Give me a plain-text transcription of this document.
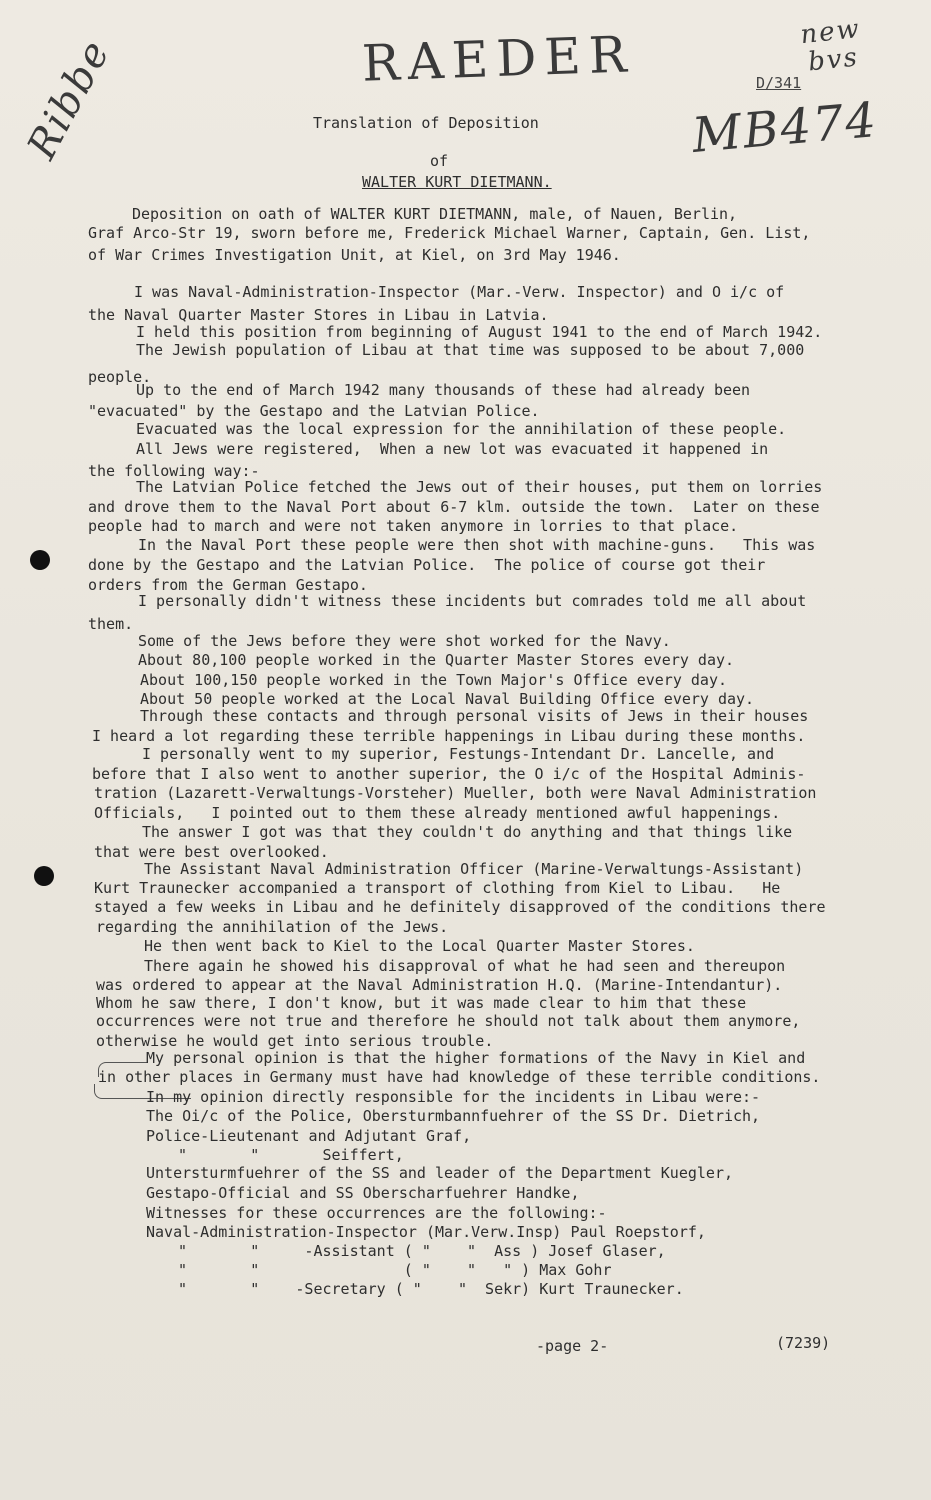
RAEDER	new bvs
MB474
Ribbe	D/341
Translation of Deposition
of
WALTER KURT DIETMANN.
Deposition on oath of WALTER KURT DIETMANN, male, of Nauen, Berlin,
Graf Arco-Str 19, sworn before me, Frederick Michael Warner, Captain, Gen. List,
of War Crimes Investigation Unit, at Kiel, on 3rd May 1946.
I was Naval-Administration-Inspector (Mar.-Verw. Inspector) and O i/c of
the Naval Quarter Master Stores in Libau in Latvia.
I held this position from beginning of August 1941 to the end of March 1942.
The Jewish population of Libau at that time was supposed to be about 7,000
people.
Up to the end of March 1942 many thousands of these had already been
"evacuated" by the Gestapo and the Latvian Police.
Evacuated was the local expression for the annihilation of these people.
All Jews were registered,  When a new lot was evacuated it happened in
the following way:-
The Latvian Police fetched the Jews out of their houses, put them on lorries
and drove them to the Naval Port about 6-7 klm. outside the town.  Later on these
people had to march and were not taken anymore in lorries to that place.
In the Naval Port these people were then shot with machine-guns.   This was
done by the Gestapo and the Latvian Police.  The police of course got their
orders from the German Gestapo.
I personally didn't witness these incidents but comrades told me all about
them.
Some of the Jews before they were shot worked for the Navy.
About 80,100 people worked in the Quarter Master Stores every day.
About 100,150 people worked in the Town Major's Office every day.
About 50 people worked at the Local Naval Building Office every day.
Through these contacts and through personal visits of Jews in their houses
I heard a lot regarding these terrible happenings in Libau during these months.
I personally went to my superior, Festungs-Intendant Dr. Lancelle, and
before that I also went to another superior, the O i/c of the Hospital Adminis-
tration (Lazarett-Verwaltungs-Vorsteher) Mueller, both were Naval Administration
Officials,   I pointed out to them these already mentioned awful happenings.
The answer I got was that they couldn't do anything and that things like
that were best overlooked.
The Assistant Naval Administration Officer (Marine-Verwaltungs-Assistant)
Kurt Traunecker accompanied a transport of clothing from Kiel to Libau.   He
stayed a few weeks in Libau and he definitely disapproved of the conditions there
regarding the annihilation of the Jews.
He then went back to Kiel to the Local Quarter Master Stores.
There again he showed his disapproval of what he had seen and thereupon
was ordered to appear at the Naval Administration H.Q. (Marine-Intendantur).
Whom he saw there, I don't know, but it was made clear to him that these
occurrences were not true and therefore he should not talk about them anymore,
otherwise he would get into serious trouble.
My personal opinion is that the higher formations of the Navy in Kiel and
in other places in Germany must have had knowledge of these terrible conditions.
In my opinion directly responsible for the incidents in Libau were:-
The Oi/c of the Police, Obersturmbannfuehrer of the SS Dr. Dietrich,
Police-Lieutenant and Adjutant Graf,
"       "       Seiffert,
Untersturmfuehrer of the SS and leader of the Department Kuegler,
Gestapo-Official and SS Oberscharfuehrer Handke,
Witnesses for these occurrences are the following:-
Naval-Administration-Inspector (Mar.Verw.Insp) Paul Roepstorf,
"       "     -Assistant ( "    "  Ass ) Josef Glaser,
"       "                ( "    "   " ) Max Gohr
"       "    -Secretary ( "    "  Sekr) Kurt Traunecker.
-page 2-	(7239)
